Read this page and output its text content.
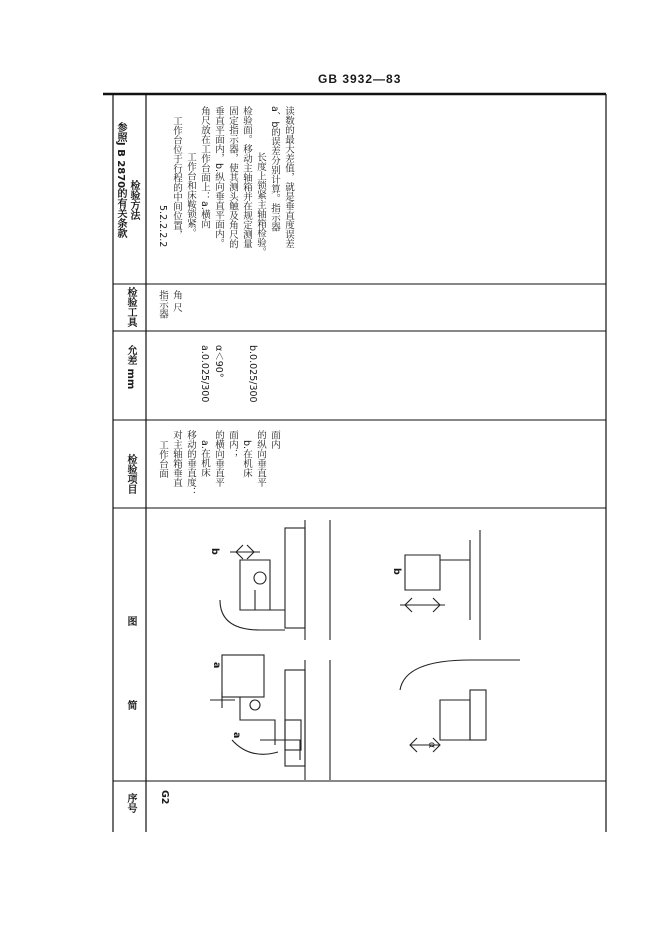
GB 3932—83
序号
简
图
检验项目
允差 mm
检验工具
检验方法
参照J B 2870的有关条款
G2
工作台面 对主轴箱垂直 移动的垂直度： a.在机床 的横向垂直平 面内； b.在机床 的纵向垂直平 面内
a.0.025/300 α＜90° b.0.025/300
指示器 角 尺
5.2.2.2.2 工作台位于行程的中间位置， 工作台和床鞍锁紧。 角尺放在工作台面上：a.横向 垂直平面内，b.纵向垂直平面内。 固定指示器，使其测头触及角尺的 检验面。移动主轴箱并在规定测量 长度上锁紧主轴箱检验。 a、b的误差分别计算。指示器 读数的最大差值，就是垂直度误差
b
b
a
a
α
